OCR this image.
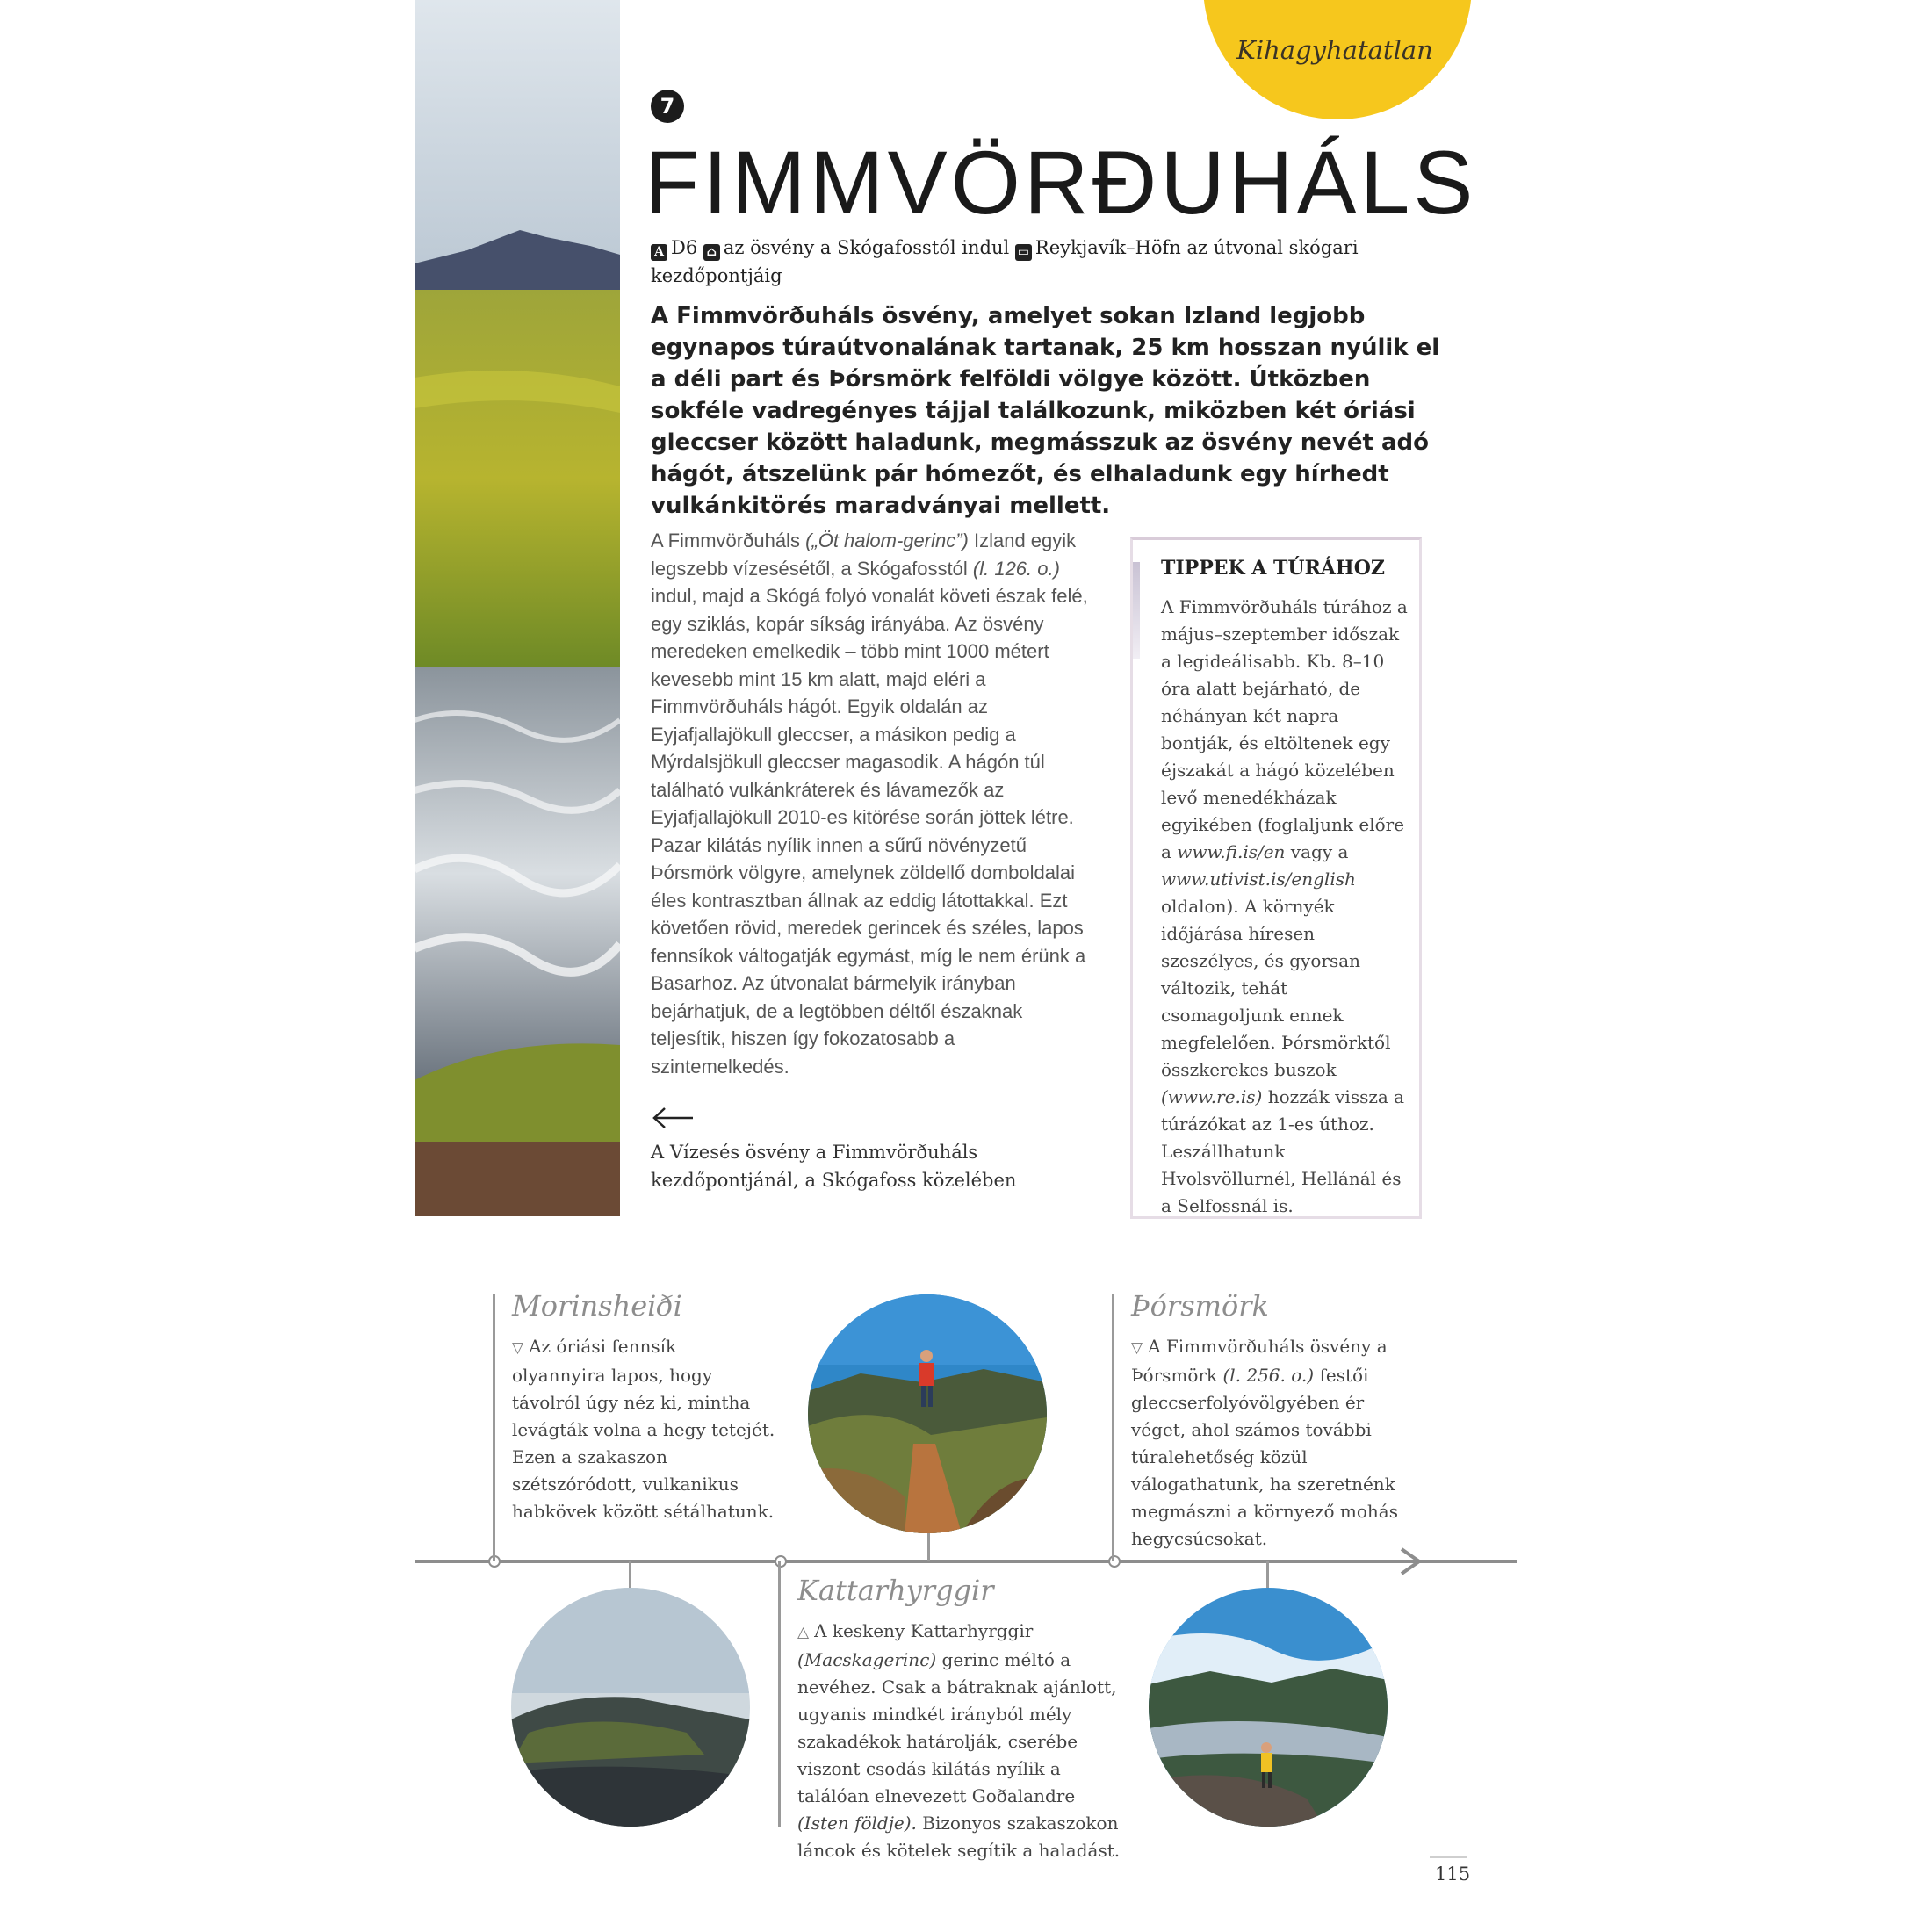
Kihagyhatatlan
7
FIMMVÖRÐUHÁLS
A D6 ⌂ az ösvény a Skógafosstól indul ▭ Reykjavík–Höfn az útvonal skógari kezdőpontjáig
A Fimmvörðuháls ösvény, amelyet sokan Izland legjobb egynapos túraútvonalának tartanak, 25 km hosszan nyúlik el a déli part és Þórsmörk felföldi völgye között. Útközben sokféle vadregényes tájjal találkozunk, miközben két óriási gleccser között haladunk, megmásszuk az ösvény nevét adó hágót, átszelünk pár hómezőt, és elhaladunk egy hírhedt vulkánkitörés maradványai mellett.
A Fimmvörðuháls („Öt halom-gerinc”) Izland egyik legszebb vízesésétől, a Skógafosstól (l. 126. o.) indul, majd a Skógá folyó vonalát követi észak felé, egy sziklás, kopár síkság irányába. Az ösvény meredeken emelkedik – több mint 1000 métert kevesebb mint 15 km alatt, majd eléri a Fimmvörðuháls hágót. Egyik oldalán az Eyjafjallajökull gleccser, a másikon pedig a Mýrdalsjökull gleccser magasodik. A hágón túl található vulkánkráterek és lávamezők az Eyjafjallajökull 2010-es kitörése során jöttek létre. Pazar kilátás nyílik innen a sűrű növényzetű Þórsmörk völgyre, amelynek zöldellő domboldalai éles kontrasztban állnak az eddig látottakkal. Ezt követően rövid, meredek gerincek és széles, lapos fennsíkok váltogatják egymást, míg le nem érünk a Basarhoz. Az útvonalat bármelyik irányban bejárhatjuk, de a legtöbben déltől északnak teljesítik, hiszen így fokozatosabb a szintemelkedés.
A Vízesés ösvény a Fimmvörðuháls kezdőpontjánál, a Skógafoss közelében
TIPPEK A TÚRÁHOZ
A Fimmvörðuháls túrához a május–szeptember időszak a legideálisabb. Kb. 8–10 óra alatt bejárható, de néhányan két napra bontják, és eltöltenek egy éjszakát a hágó közelében levő menedékházak egyikében (foglaljunk előre a www.fi.is/en vagy a www.utivist.is/english oldalon). A környék időjárása híresen szeszélyes, és gyorsan változik, tehát csomagoljunk ennek megfelelően. Þórsmörktől összkerekes buszok (www.re.is) hozzák vissza a túrázókat az 1-es úthoz. Leszállhatunk Hvolsvöllurnél, Hellánál és a Selfossnál is.
Morinsheiði
▽ Az óriási fennsík olyannyira lapos, hogy távolról úgy néz ki, mintha levágták volna a hegy tetejét. Ezen a szakaszon szétszóródott, vulkanikus habkövek között sétálhatunk.
Þórsmörk
▽ A Fimmvörðuháls ösvény a Þórsmörk (l. 256. o.) festői gleccserfolyóvölgyében ér véget, ahol számos további túralehetőség közül válogathatunk, ha szeretnénk megmászni a környező mohás hegycsúcsokat.
Kattarhyrggir
△ A keskeny Kattarhyrggir (Macskagerinc) gerinc méltó a nevéhez. Csak a bátraknak ajánlott, ugyanis mindkét irányból mély szakadékok határolják, cserébe viszont csodás kilátás nyílik a találóan elnevezett Goðalandre (Isten földje). Bizonyos szakaszokon láncok és kötelek segítik a haladást.
115
